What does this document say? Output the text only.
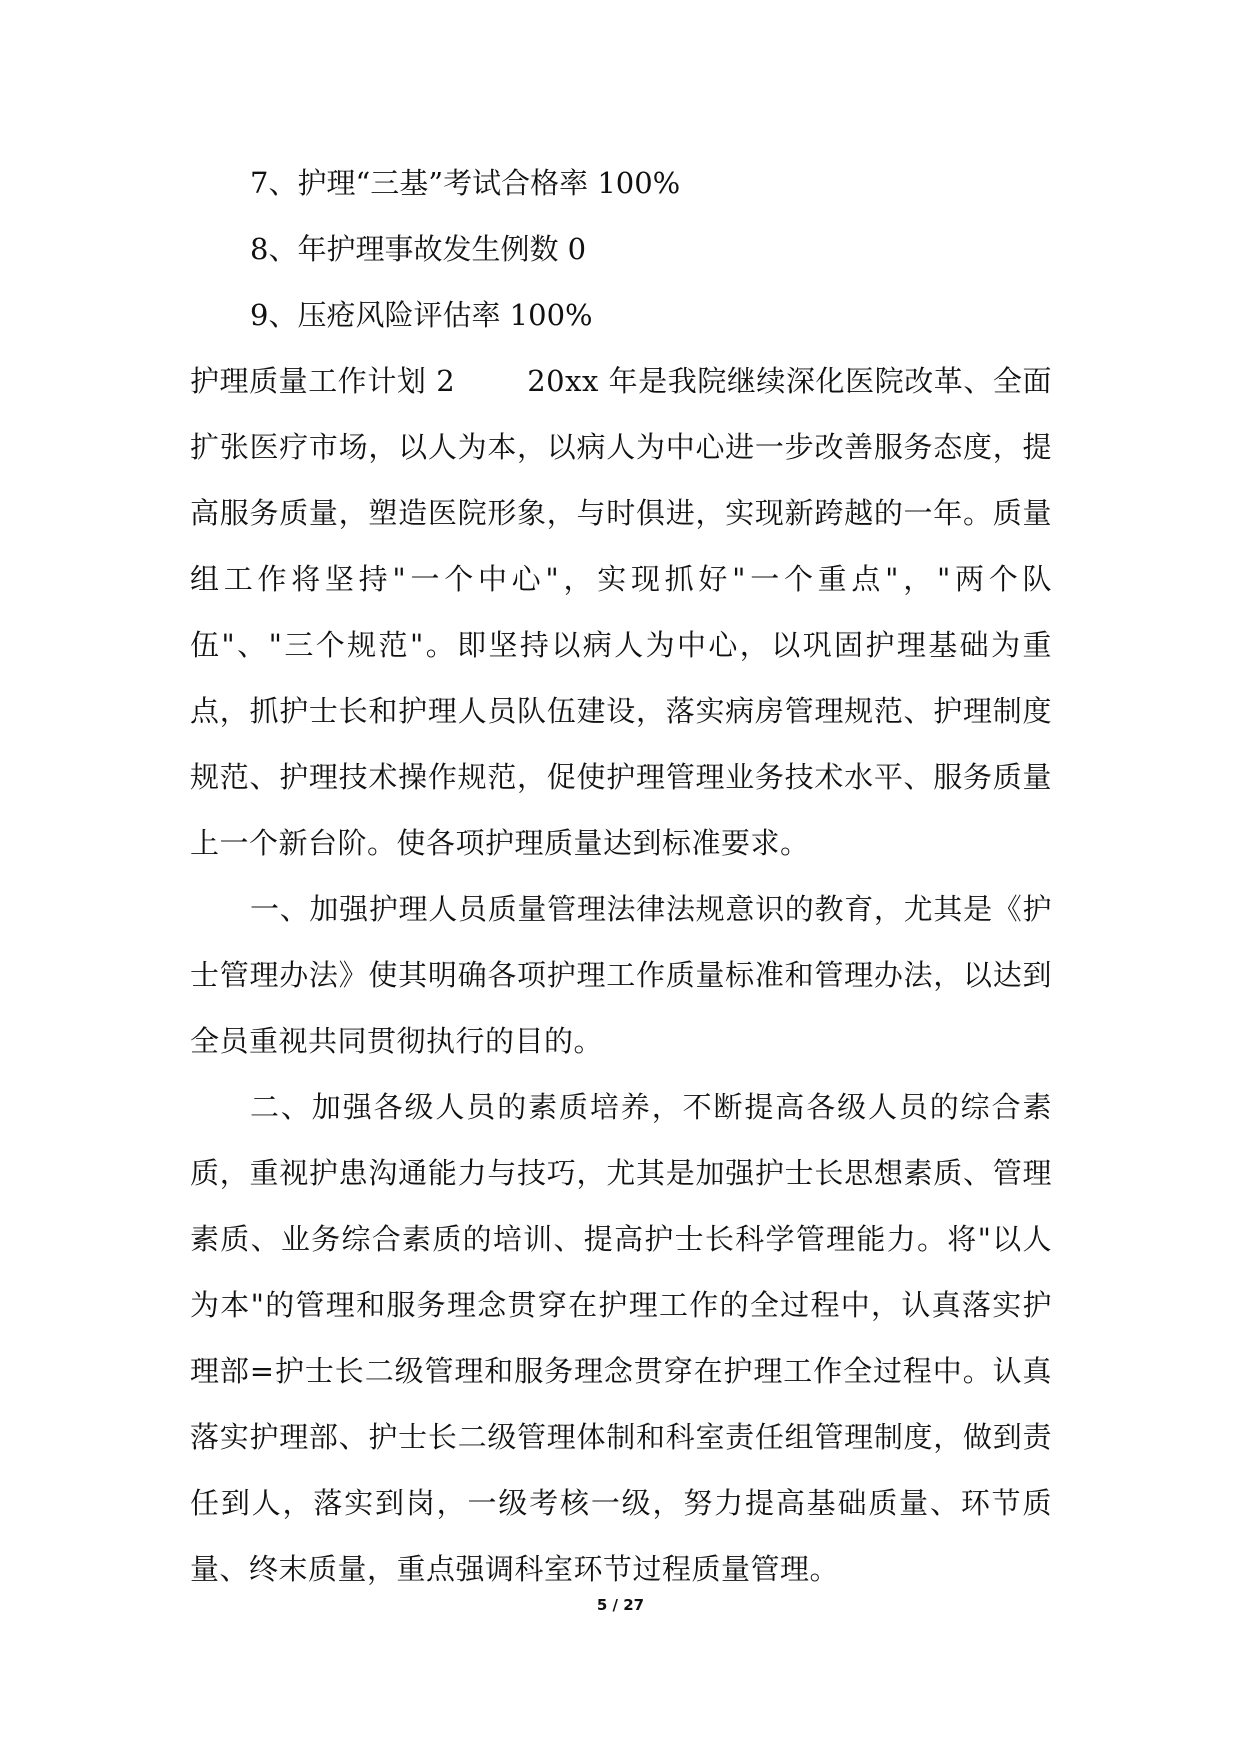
7、护理“三基”考试合格率 100%

8、年护理事故发生例数 0

9、压疮风险评估率 100%

护理质量工作计划 2 20xx 年是我院继续深化医院改革、全面扩张医疗市场，以人为本，以病人为中心进一步改善服务态度，提高服务质量，塑造医院形象，与时俱进，实现新跨越的一年。质量组工作将坚持"一个中心"，实现抓好"一个重点"，"两个队伍"、"三个规范"。即坚持以病人为中心，以巩固护理基础为重点，抓护士长和护理人员队伍建设，落实病房管理规范、护理制度规范、护理技术操作规范，促使护理管理业务技术水平、服务质量上一个新台阶。使各项护理质量达到标准要求。

一、加强护理人员质量管理法律法规意识的教育，尤其是《护士管理办法》使其明确各项护理工作质量标准和管理办法，以达到全员重视共同贯彻执行的目的。

二、加强各级人员的素质培养，不断提高各级人员的综合素质，重视护患沟通能力与技巧，尤其是加强护士长思想素质、管理素质、业务综合素质的培训、提高护士长科学管理能力。将"以人为本"的管理和服务理念贯穿在护理工作的全过程中，认真落实护理部=护士长二级管理和服务理念贯穿在护理工作全过程中。认真落实护理部、护士长二级管理体制和科室责任组管理制度，做到责任到人，落实到岗，一级考核一级，努力提高基础质量、环节质量、终末质量，重点强调科室环节过程质量管理。

5 / 27
